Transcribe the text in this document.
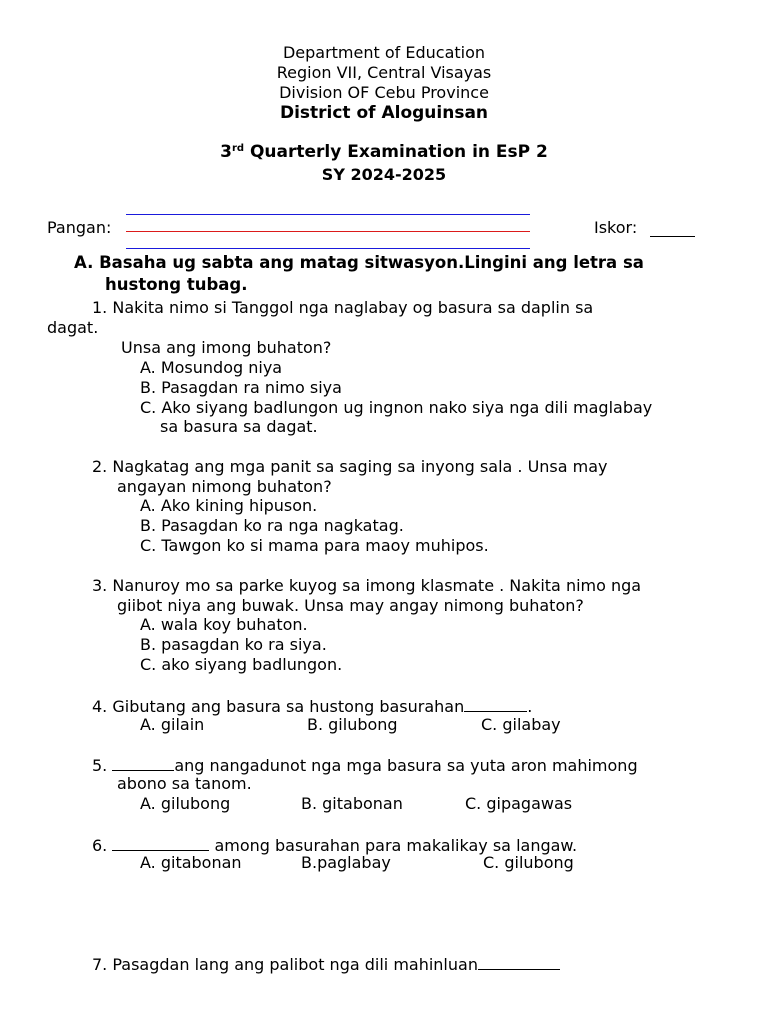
Department of Education
Region VII, Central Visayas
Division OF Cebu Province
District of Aloguinsan
3rd Quarterly Examination in EsP 2
SY 2024-2025
Pangan:	Iskor:
A. Basaha ug sabta ang matag sitwasyon.Lingini ang letra sa
hustong tubag.
1. Nakita nimo si Tanggol nga naglabay og basura sa daplin sa
dagat.
Unsa ang imong buhaton?
A. Mosundog niya
B. Pasagdan ra nimo siya
C. Ako siyang badlungon ug ingnon nako siya nga dili maglabay
sa basura sa dagat.
2. Nagkatag ang mga panit sa saging sa inyong sala . Unsa may
angayan nimong buhaton?
A. Ako kining hipuson.
B. Pasagdan ko ra nga nagkatag.
C. Tawgon ko si mama para maoy muhipos.
3. Nanuroy mo sa parke kuyog sa imong klasmate . Nakita nimo nga
giibot niya ang buwak. Unsa may angay nimong buhaton?
A. wala koy buhaton.
B. pasagdan ko ra siya.
C. ako siyang badlungon.
4. Gibutang ang basura sa hustong basurahan	.
A. gilain	B. gilubong	C. gilabay
5.	ang nangadunot nga mga basura sa yuta aron mahimong
abono sa tanom.
A. gilubong	B. gitabonan	C. gipagawas
6.	among basurahan para makalikay sa langaw.
A. gitabonan	B.paglabay	C. gilubong
7. Pasagdan lang ang palibot nga dili mahinluan
